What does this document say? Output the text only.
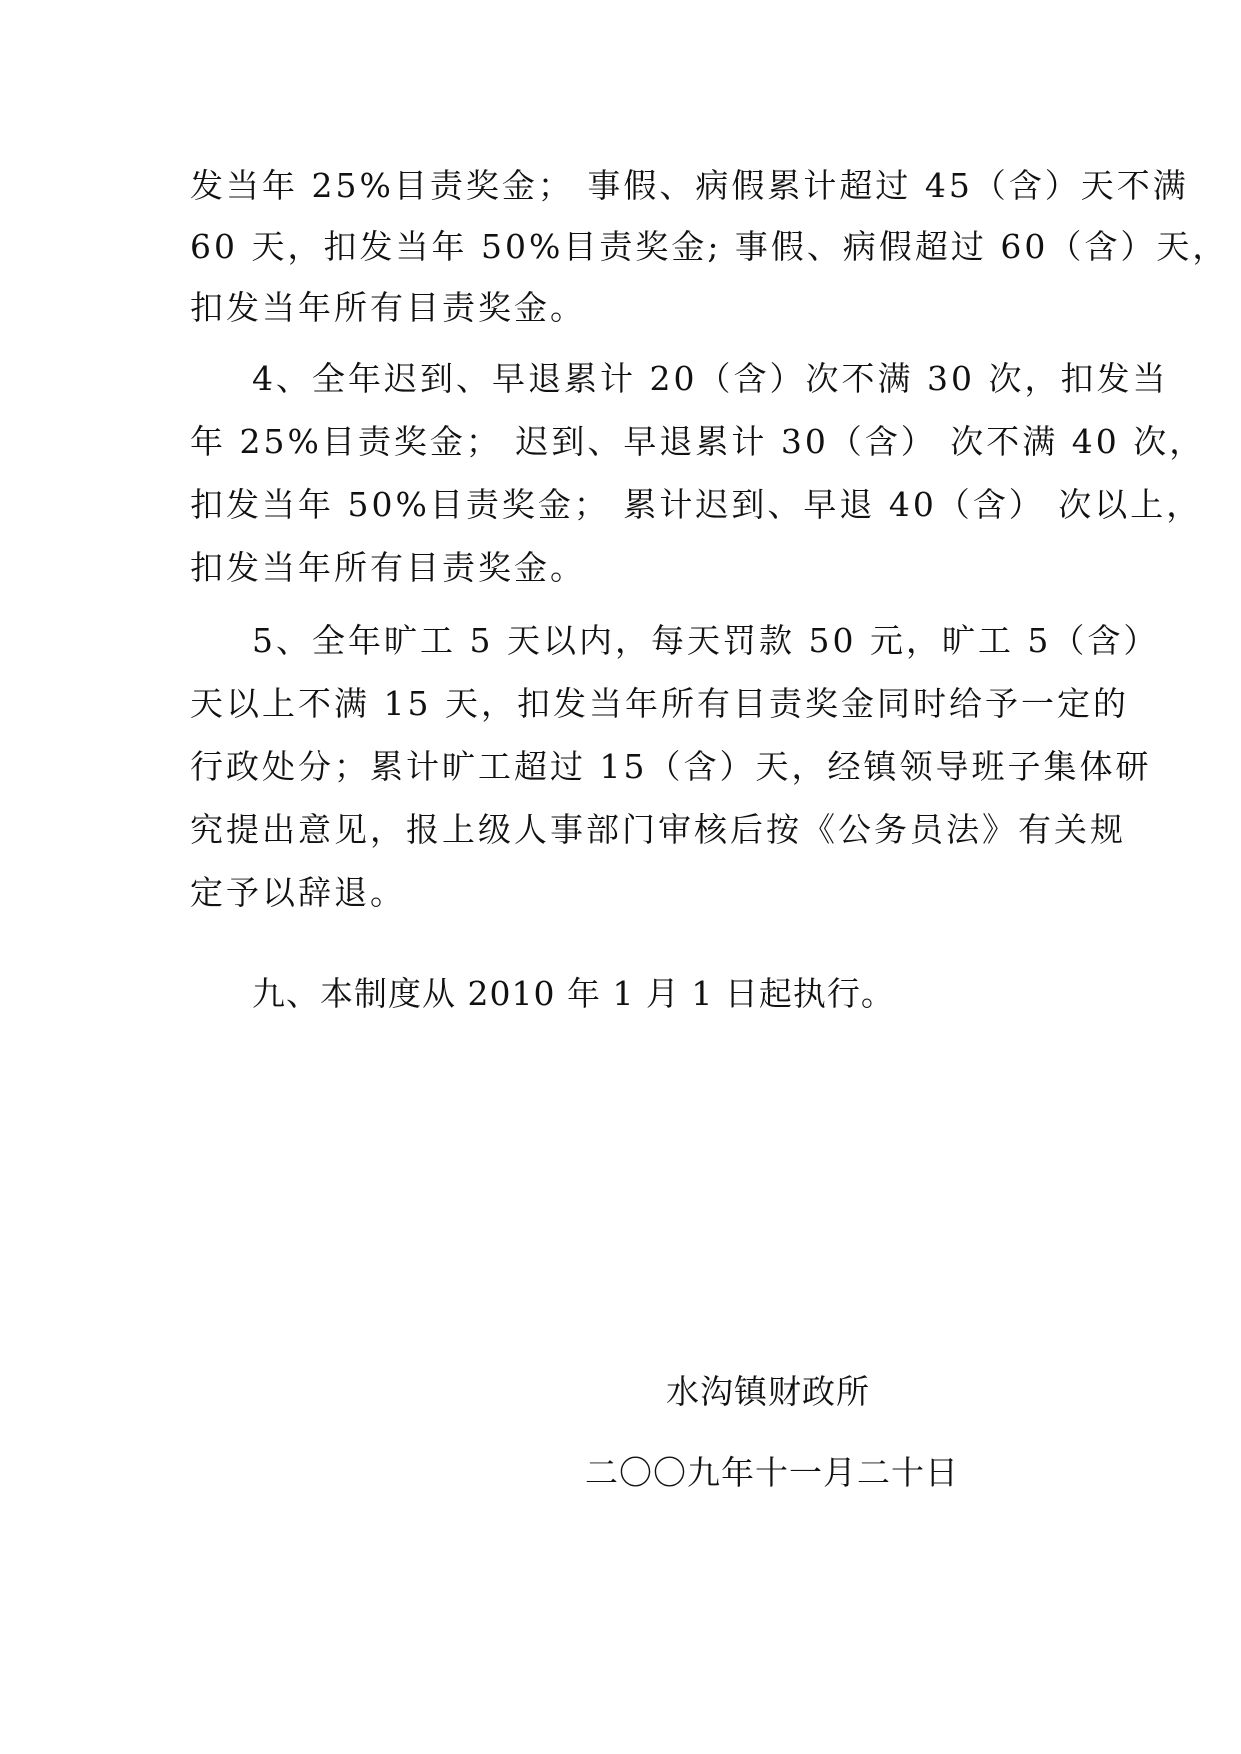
发当年 25%目责奖金； 事假、病假累计超过 45（含）天不满
60 天，扣发当年 50%目责奖金; 事假、病假超过 60（含）天，
扣发当年所有目责奖金。
4、全年迟到、早退累计 20（含）次不满 30 次，扣发当
年 25%目责奖金； 迟到、早退累计 30（含） 次不满 40 次，
扣发当年 50%目责奖金； 累计迟到、早退 40（含） 次以上，
扣发当年所有目责奖金。
5、全年旷工 5 天以内，每天罚款 50 元，旷工 5（含）
天以上不满 15 天，扣发当年所有目责奖金同时给予一定的
行政处分；累计旷工超过 15（含）天，经镇领导班子集体研
究提出意见，报上级人事部门审核后按《公务员法》有关规
定予以辞退。
九、本制度从 2010 年 1 月 1 日起执行。
水沟镇财政所
二〇〇九年十一月二十日
